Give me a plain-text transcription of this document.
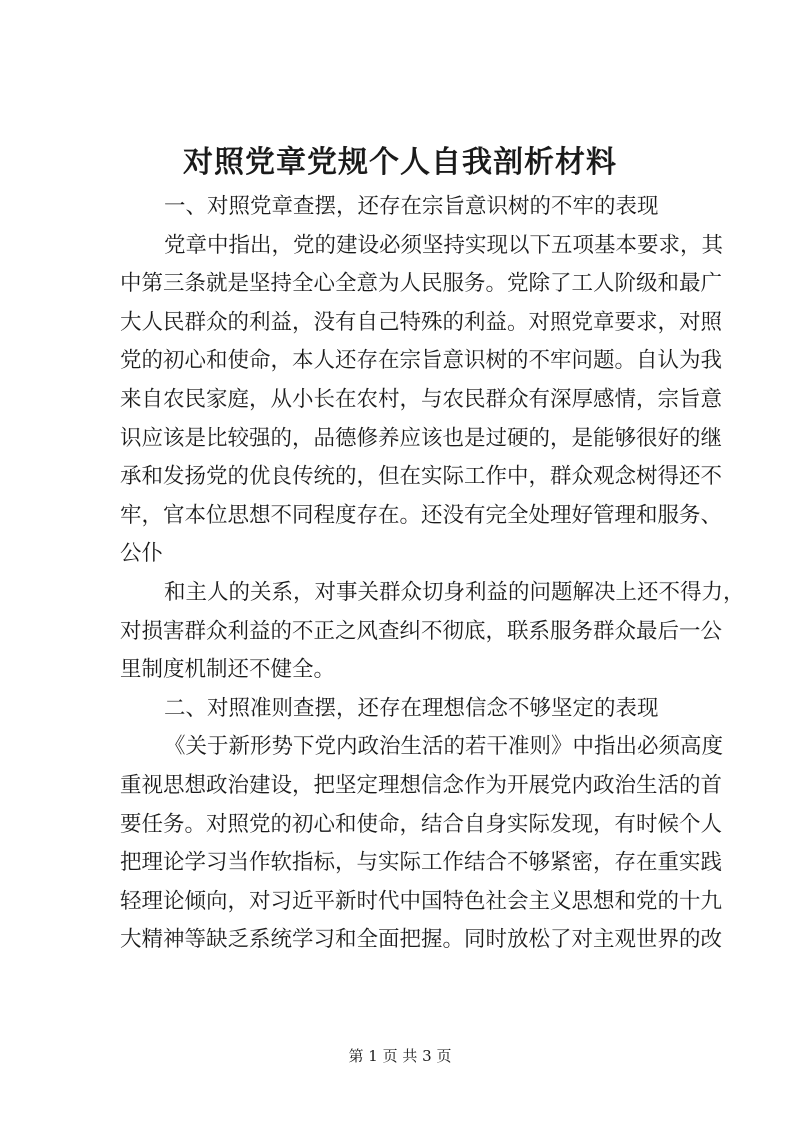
对照党章党规个人自我剖析材料

一、对照党章查摆，还存在宗旨意识树的不牢的表现

党章中指出，党的建设必须坚持实现以下五项基本要求，其

中第三条就是坚持全心全意为人民服务。党除了工人阶级和最广

大人民群众的利益，没有自己特殊的利益。对照党章要求，对照

党的初心和使命，本人还存在宗旨意识树的不牢问题。自认为我

来自农民家庭，从小长在农村，与农民群众有深厚感情，宗旨意

识应该是比较强的，品德修养应该也是过硬的，是能够很好的继

承和发扬党的优良传统的，但在实际工作中，群众观念树得还不

牢，官本位思想不同程度存在。还没有完全处理好管理和服务、

公仆

和主人的关系，对事关群众切身利益的问题解决上还不得力，

对损害群众利益的不正之风查纠不彻底，联系服务群众最后一公

里制度机制还不健全。

二、对照准则查摆，还存在理想信念不够坚定的表现

《关于新形势下党内政治生活的若干准则》中指出必须高度

重视思想政治建设，把坚定理想信念作为开展党内政治生活的首

要任务。对照党的初心和使命，结合自身实际发现，有时候个人

把理论学习当作软指标，与实际工作结合不够紧密，存在重实践

轻理论倾向，对习近平新时代中国特色社会主义思想和党的十九

大精神等缺乏系统学习和全面把握。同时放松了对主观世界的改

第 1 页 共 3 页
